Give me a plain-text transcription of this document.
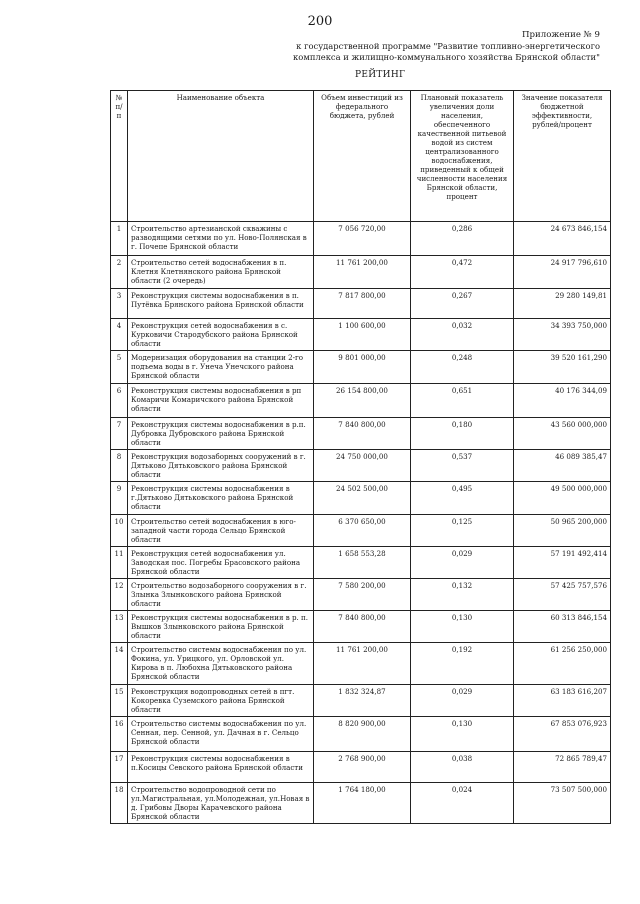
200
Приложение № 9
к государственной программе "Развитие топливно-энергетического
комплекса и жилищно-коммунального хозяйства Брянской области"
РЕЙТИНГ
№ п/п	Наименование объекта	Объем инвестиций из федерального бюджета, рублей	Плановый показатель увеличения доли населения, обеспеченного качественной питьевой водой из систем централизованного водоснабжения, приведенный к общей численности населения Брянской области, процент	Значение показателя бюджетной эффективности, рублей/процент
1	Строительство артезианской скважины с разводящими сетями по ул. Ново-Полянская в г. Почепе Брянской области	7 056 720,00	0,286	24 673 846,154
2	Строительство сетей водоснабжения в п. Клетня Клетнянского района Брянской области (2 очередь)	11 761 200,00	0,472	24 917 796,610
3	Реконструкция системы водоснабжения в п. Путёвка Брянского района Брянской области	7 817 800,00	0,267	29 280 149,81
4	Реконструкция сетей водоснабжения в с. Курковичи Стародубского района Брянской области	1 100 600,00	0,032	34 393 750,000
5	Модернизация оборудования на станции 2-го подъема воды в г. Унеча Унечского района Брянской области	9 801 000,00	0,248	39 520 161,290
6	Реконструкция системы водоснабжения в рп Комаричи Комаричского района Брянской области	26 154 800,00	0,651	40 176 344,09
7	Реконструкция системы водоснабжения в р.п. Дубровка Дубровского района Брянской области	7 840 800,00	0,180	43 560 000,000
8	Реконструкция водозаборных сооружений в г. Дятьково Дятьковского района Брянской области	24 750 000,00	0,537	46 089 385,47
9	Реконструкция системы водоснабжения в г.Дятьково Дятьковского района Брянской области	24 502 500,00	0,495	49 500 000,000
10	Строительство сетей водоснабжения в юго-западной части города Сельцо Брянской области	6 370 650,00	0,125	50 965 200,000
11	Реконструкция сетей водоснабжения ул. Заводская пос. Погребы Брасовского района Брянской области	1 658 553,28	0,029	57 191 492,414
12	Строительство водозаборного сооружения в г. Злынка Злынковского района Брянской области	7 580 200,00	0,132	57 425 757,576
13	Реконструкция системы водоснабжения в р. п. Вышков Злынковского района Брянской области	7 840 800,00	0,130	60 313 846,154
14	Строительство системы водоснабжения по ул. Фокина, ул. Урицкого, ул. Орловской ул. Кирова в п. Любохна Дятьковского района Брянской области	11 761 200,00	0,192	61 256 250,000
15	Реконструкция водопроводных сетей в пгт. Кокоревка Суземского района Брянской области	1 832 324,87	0,029	63 183 616,207
16	Строительство системы водоснабжения по ул. Сенная, пер. Сенной, ул. Дачная в г. Сельцо Брянской области	8 820 900,00	0,130	67 853 076,923
17	Реконструкция системы водоснабжения в п.Косицы Севского района Брянской области	2 768 900,00	0,038	72 865 789,47
18	Строительство водопроводной сети по ул.Магистральная, ул.Молодежная, ул.Новая в д. Грибовы Дворы Карачевского района Брянской области	1 764 180,00	0,024	73 507 500,000
